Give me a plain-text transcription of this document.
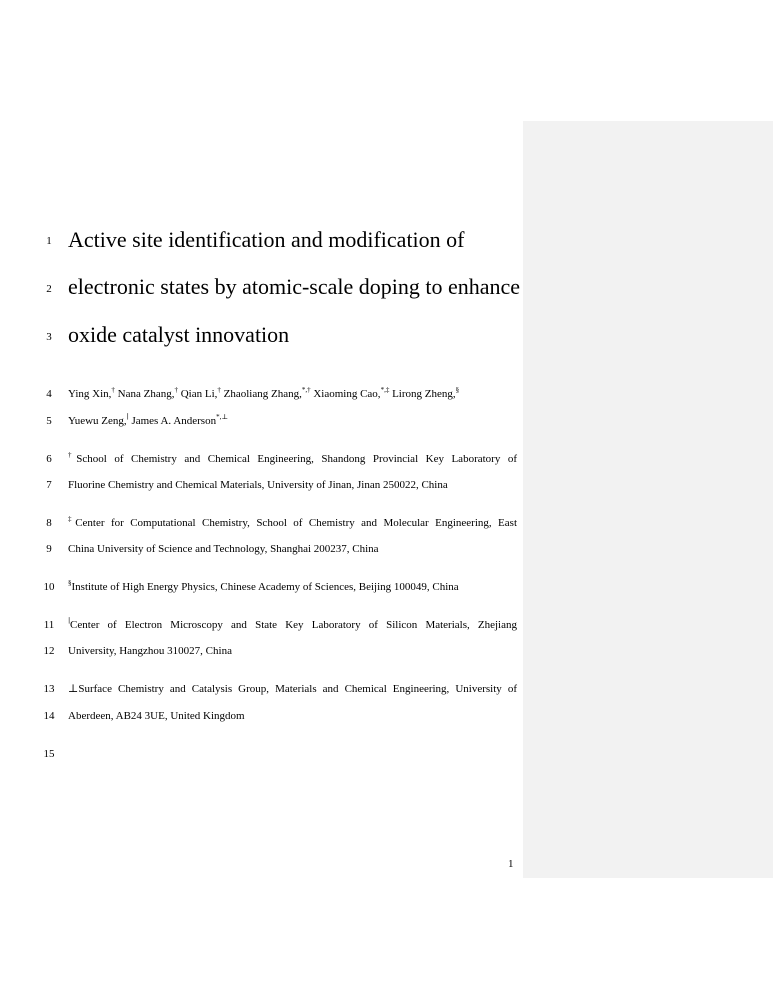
1
2
3
4
5
6
7
8
9
10
11
12
13
14
15
Active site identification and modification of
electronic states by atomic-scale doping to enhance
oxide catalyst innovation
Ying Xin,† Nana Zhang,† Qian Li,† Zhaoliang Zhang,*,† Xiaoming Cao,*,‡ Lirong Zheng,§
Yuewu Zeng,∣ James A. Anderson*,⊥
†School of Chemistry and Chemical Engineering, Shandong Provincial Key Laboratory of
Fluorine Chemistry and Chemical Materials, University of Jinan, Jinan 250022, China
‡Center for Computational Chemistry, School of Chemistry and Molecular Engineering, East
China University of Science and Technology, Shanghai 200237, China
§Institute of High Energy Physics, Chinese Academy of Sciences, Beijing 100049, China
∣Center of Electron Microscopy and State Key Laboratory of Silicon Materials, Zhejiang
University, Hangzhou 310027, China
⊥Surface Chemistry and Catalysis Group, Materials and Chemical Engineering, University of
Aberdeen, AB24 3UE, United Kingdom
1
